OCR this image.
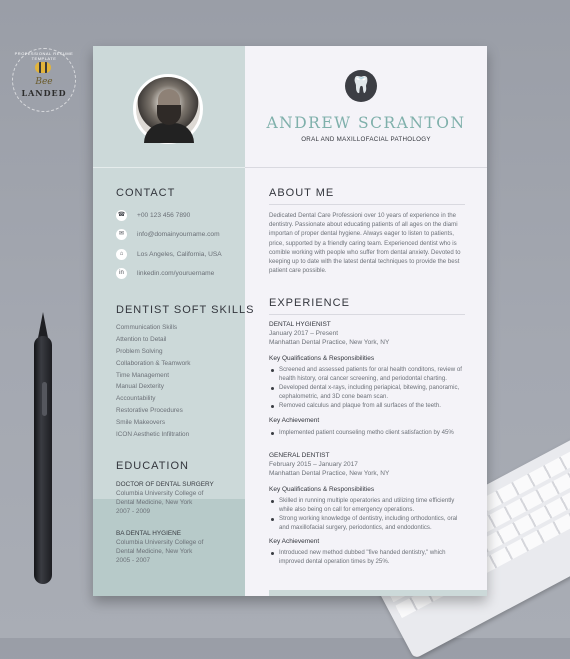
PROFESSIONAL RESUME TEMPLATE
Bee
LANDED
CONTACT
☎ +00 123 456 7890
✉	info@domainyourname.com
⌂	Los Angeles, California, USA
in	linkedin.com/youruername
DENTIST SOFT SKILLS
Communication Skills
Attention to Detail
Problem Solving
Collaboration & Teamwork
Time Management
Manual Dexterity
Accountability
Restorative Procedures
Smile Makeovers
ICON Aesthetic Infiltration
EDUCATION
DOCTOR OF DENTAL SURGERY
Columbia University College of
Dental Medicine, New York
2007 - 2009
BA DENTAL HYGIENE
Columbia University College of
Dental Medicine, New York
2005 - 2007
🦷
ANDREW SCRANTON
ORAL AND MAXILLOFACIAL PATHOLOGY
ABOUT ME
Dedicated Dental Care Professioni over 10 years of experience in the dentistry. Passionate about educating patients of all ages on the diami importan of proper dental hygiene. Always eager to listen to patients, price, supported by a friendly caring team. Experienced dentist who is comible working with people who suffer from dental anxiety. Devoted to keeping up to date with the latest dental techniques to provide the best patient care possible.
EXPERIENCE
DENTAL HYGIENIST
January 2017 – Present
Manhattan Dental Practice, New York, NY
Key Qualifications & Responsibilities
Screened and assessed patients for oral health conditons, review of health history, oral cancer screening, and periodontal charting.
Developed dental x-rays, including periapical, bitewing, panoramic, cephalometric, and 3D cone beam scan.
Removed calculus and plaque from all surfaces of the teeth.
Key Achievement
Implemented patient counseling metho client satisfaction by 45%
GENERAL DENTIST
February 2015 – January 2017
Manhattan Dental Practice, New York, NY
Key Qualifications & Responsibilities
Skilled in running multiple operatories and utilizing time efficiently while also being on call for emergency operations.
Strong working knowledge of dentistry, including orthodontics, oral and maxillofacial surgery, periodontics, and endodontics.
Key Achievement
Introduced new method dubbed "five handed dentistry," which improved dental operation times by 25%.
